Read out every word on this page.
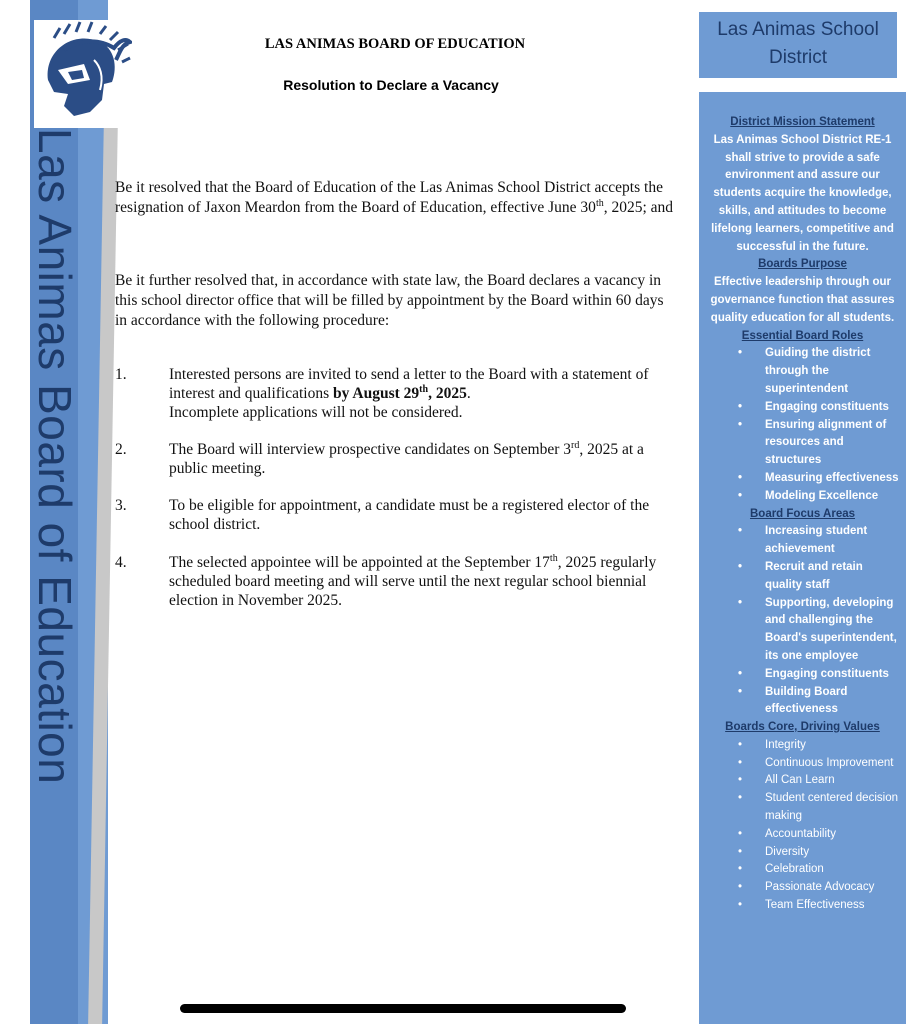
Las Animas Board of Education
LAS ANIMAS BOARD OF EDUCATION
Resolution to Declare a Vacancy
Be it resolved that the Board of Education of the Las Animas School District accepts the resignation of Jaxon Meardon from the Board of Education, effective June 30th, 2025; and
Be it further resolved that, in accordance with state law, the Board declares a vacancy in this school director office that will be filled by appointment by the Board within 60 days in accordance with the following procedure:
1.	Interested persons are invited to send a letter to the Board with a statement of interest and qualifications by August 29th, 2025.
Incomplete applications will not be considered.
2.	The Board will interview prospective candidates on September 3rd, 2025 at a public meeting.
3.	To be eligible for appointment, a candidate must be a registered elector of the school district.
4.	The selected appointee will be appointed at the September 17th, 2025 regularly scheduled board meeting and will serve until the next regular school biennial election in November 2025.
Las Animas School District
District Mission Statement
Las Animas School District RE-1 shall strive to provide a safe environment and assure our students acquire the knowledge, skills, and attitudes to become lifelong learners, competitive and successful in the future.
Boards Purpose
Effective leadership through our governance function that assures quality education for all students.
Essential Board Roles
• Guiding the district through the superintendent
• Engaging constituents
• Ensuring alignment of resources and structures
• Measuring effectiveness
• Modeling Excellence
Board Focus Areas
• Increasing student achievement
• Recruit and retain quality staff
• Supporting, developing and challenging the Board's superintendent, its one employee
• Engaging constituents
• Building Board effectiveness
Boards Core, Driving Values
• Integrity
• Continuous Improvement
• All Can Learn
• Student centered decision making
• Accountability
• Diversity
• Celebration
• Passionate Advocacy
• Team Effectiveness
